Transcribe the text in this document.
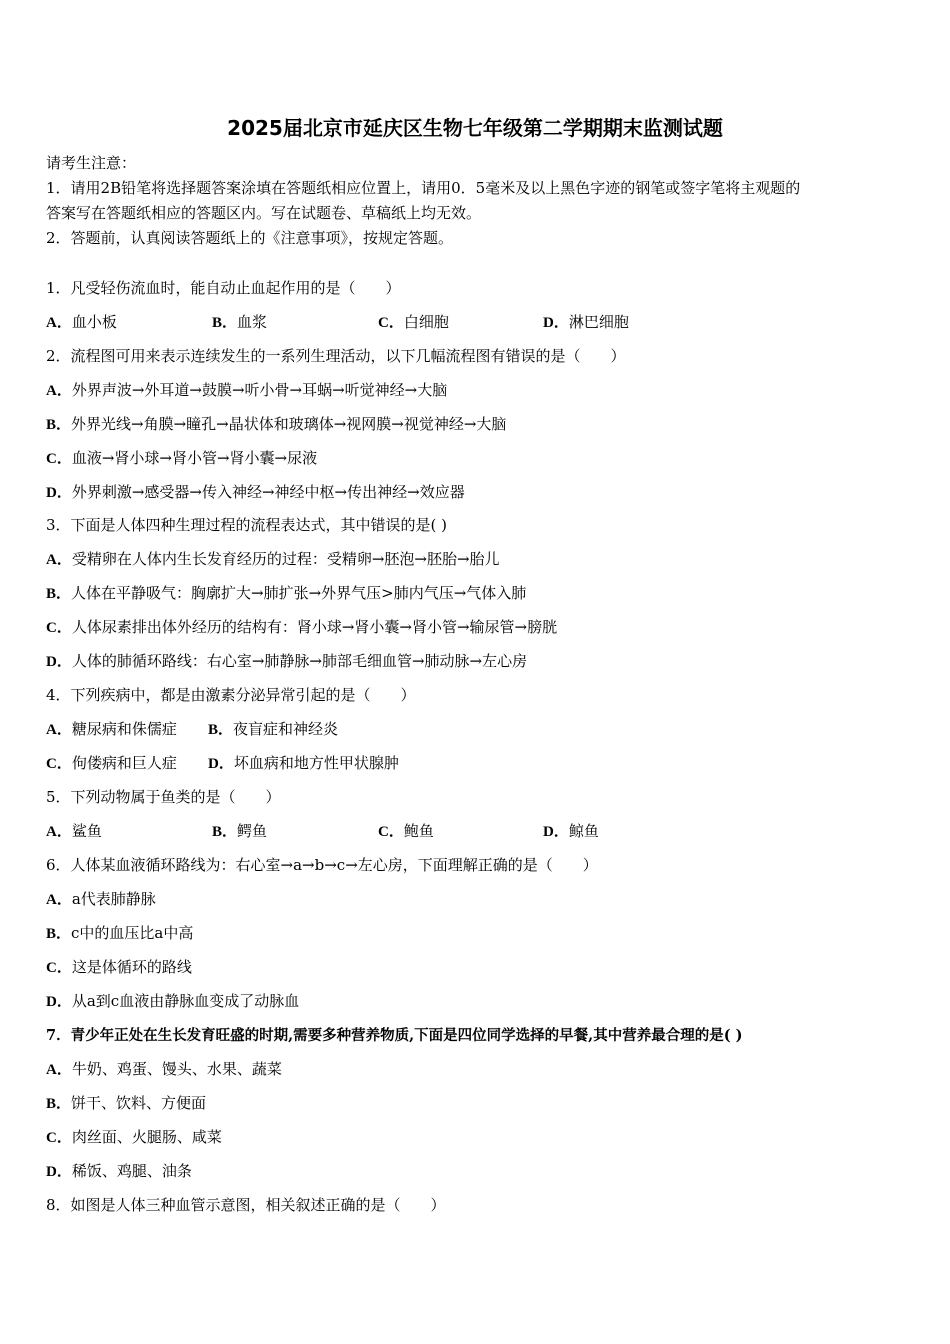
2025届北京市延庆区生物七年级第二学期期末监测试题
请考生注意：
1．请用2B铅笔将选择题答案涂填在答题纸相应位置上，请用0．5毫米及以上黑色字迹的钢笔或签字笔将主观题的
答案写在答题纸相应的答题区内。写在试题卷、草稿纸上均无效。
2．答题前，认真阅读答题纸上的《注意事项》，按规定答题。
1．凡受轻伤流血时，能自动止血起作用的是（　　）
A．血小板	B．血浆	C．白细胞	D．淋巴细胞
2．流程图可用来表示连续发生的一系列生理活动，以下几幅流程图有错误的是（　　）
A．外界声波→外耳道→鼓膜→听小骨→耳蜗→听觉神经→大脑
B．外界光线→角膜→瞳孔→晶状体和玻璃体→视网膜→视觉神经→大脑
C．血液→肾小球→肾小管→肾小囊→尿液
D．外界刺激→感受器→传入神经→神经中枢→传出神经→效应器
3．下面是人体四种生理过程的流程表达式，其中错误的是( )
A．受精卵在人体内生长发育经历的过程：受精卵→胚泡→胚胎→胎儿
B．人体在平静吸气：胸廓扩大→肺扩张→外界气压>肺内气压→气体入肺
C．人体尿素排出体外经历的结构有：肾小球→肾小囊→肾小管→输尿管→膀胱
D．人体的肺循环路线：右心室→肺静脉→肺部毛细血管→肺动脉→左心房
4．下列疾病中，都是由激素分泌异常引起的是（　　）
A．糖尿病和侏儒症 B．夜盲症和神经炎
C．佝偻病和巨人症 D．坏血病和地方性甲状腺肿
5．下列动物属于鱼类的是（　　）
A．鲨鱼	B．鳄鱼	C．鲍鱼	D．鲸鱼
6．人体某血液循环路线为：右心室→a→b→c→左心房，下面理解正确的是（　　）
A．a代表肺静脉
B．c中的血压比a中高
C．这是体循环的路线
D．从a到c血液由静脉血变成了动脉血
7．青少年正处在生长发育旺盛的时期,需要多种营养物质,下面是四位同学选择的早餐,其中营养最合理的是( )
A．牛奶、鸡蛋、馒头、水果、蔬菜
B．饼干、饮料、方便面
C．肉丝面、火腿肠、咸菜
D．稀饭、鸡腿、油条
8．如图是人体三种血管示意图，相关叙述正确的是（　　）
